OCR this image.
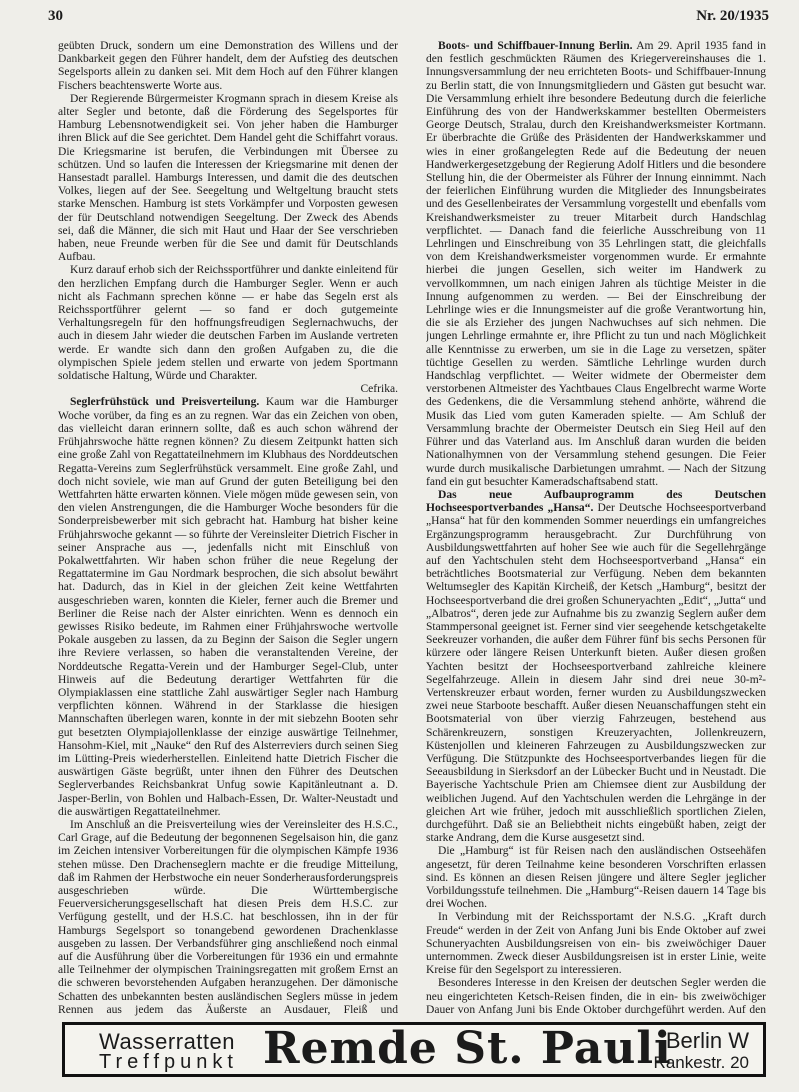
30	Nr. 20/1935

geübten Druck, sondern um eine Demonstration des Willens und der Dankbarkeit gegen den Führer handelt, dem der Aufstieg des deutschen Segelsports allein zu danken sei. Mit dem Hoch auf den Führer klangen Fischers beachtenswerte Worte aus.

Der Regierende Bürgermeister Krogmann sprach in diesem Kreise als alter Segler und betonte, daß die Förderung des Segelsportes für Hamburg Lebensnotwendigkeit sei. Von jeher haben die Hamburger ihren Blick auf die See gerichtet. Dem Handel geht die Schiffahrt voraus. Die Kriegsmarine ist berufen, die Verbindungen mit Übersee zu schützen. Und so laufen die Interessen der Kriegsmarine mit denen der Hansestadt parallel. Hamburgs Interessen, und damit die des deutschen Volkes, liegen auf der See. Seegeltung und Weltgeltung braucht stets starke Menschen. Hamburg ist stets Vorkämpfer und Vorposten gewesen der für Deutschland notwendigen Seegeltung. Der Zweck des Abends sei, daß die Männer, die sich mit Haut und Haar der See verschrieben haben, neue Freunde werben für die See und damit für Deutschlands Aufbau.

Kurz darauf erhob sich der Reichssportführer und dankte einleitend für den herzlichen Empfang durch die Hamburger Segler. Wenn er auch nicht als Fachmann sprechen könne — er habe das Segeln erst als Reichssportführer gelernt — so fand er doch gutgemeinte Verhaltungsregeln für den hoffnungsfreudigen Seglernachwuchs, der auch in diesem Jahr wieder die deutschen Farben im Auslande vertreten werde. Er wandte sich dann den großen Aufgaben zu, die die olympischen Spiele jedem stellen und erwarte von jedem Sportmann soldatische Haltung, Würde und Charakter.

Cefrika.

Seglerfrühstück und Preisverteilung. Kaum war die Hamburger Woche vorüber, da fing es an zu regnen. War das ein Zeichen von oben, das vielleicht daran erinnern sollte, daß es auch schon während der Frühjahrswoche hätte regnen können? Zu diesem Zeitpunkt hatten sich eine große Zahl von Regattateilnehmern im Klubhaus des Norddeutschen Regatta-Vereins zum Seglerfrühstück versammelt. Eine große Zahl, und doch nicht soviele, wie man auf Grund der guten Beteiligung bei den Wettfahrten hätte erwarten können. Viele mögen müde gewesen sein, von den vielen Anstrengungen, die die Hamburger Woche besonders für die Sonderpreisbewerber mit sich gebracht hat. Hamburg hat bisher keine Frühjahrswoche gekannt — so führte der Vereinsleiter Dietrich Fischer in seiner Ansprache aus —, jedenfalls nicht mit Einschluß von Pokalwettfahrten. Wir haben schon früher die neue Regelung der Regattatermine im Gau Nordmark besprochen, die sich absolut bewährt hat. Dadurch, das in Kiel in der gleichen Zeit keine Wettfahrten ausgeschrieben waren, konnten die Kieler, ferner auch die Bremer und Berliner die Reise nach der Alster einrichten. Wenn es dennoch ein gewisses Risiko bedeute, im Rahmen einer Frühjahrswoche wertvolle Pokale ausgeben zu lassen, da zu Beginn der Saison die Segler ungern ihre Reviere verlassen, so haben die veranstaltenden Vereine, der Norddeutsche Regatta-Verein und der Hamburger Segel-Club, unter Hinweis auf die Bedeutung derartiger Wettfahrten für die Olympiaklassen eine stattliche Zahl auswärtiger Segler nach Hamburg verpflichten können. Während in der Starklasse die hiesigen Mannschaften überlegen waren, konnte in der mit siebzehn Booten sehr gut besetzten Olympiajollenklasse der einzige auswärtige Teilnehmer, Hansohm-Kiel, mit „Nauke“ den Ruf des Alsterreviers durch seinen Sieg im Lütting-Preis wiederherstellen. Einleitend hatte Dietrich Fischer die auswärtigen Gäste begrüßt, unter ihnen den Führer des Deutschen Seglerverbandes Reichsbankrat Unfug sowie Kapitänleutnant a. D. Jasper-Berlin, von Bohlen und Halbach-Essen, Dr. Walter-Neustadt und die auswärtigen Regattateilnehmer.

Im Anschluß an die Preisverteilung wies der Vereinsleiter des H.S.C., Carl Grage, auf die Bedeutung der begonnenen Segelsaison hin, die ganz im Zeichen intensiver Vorbereitungen für die olympischen Kämpfe 1936 stehen müsse. Den Drachenseglern machte er die freudige Mitteilung, daß im Rahmen der Herbstwoche ein neuer Sonderherausforderungspreis ausgeschrieben würde. Die Württembergische Feuerversicherungsgesellschaft hat diesen Preis dem H.S.C. zur Verfügung gestellt, und der H.S.C. hat beschlossen, ihn in der für Hamburgs Segelsport so tonangebend gewordenen Drachenklasse ausgeben zu lassen. Der Verbandsführer ging anschließend noch einmal auf die Ausführung über die Vorbereitungen für 1936 ein und ermahnte alle Teilnehmer der olympischen Trainingsregatten mit großem Ernst an die schweren bevorstehenden Aufgaben heranzugehen. Der dämonische Schatten des unbekannten besten ausländischen Seglers müsse in jedem Rennen aus jedem das Äußerste an Ausdauer, Fleiß und

Boots- und Schiffbauer-Innung Berlin. Am 29. April 1935 fand in den festlich geschmückten Räumen des Kriegervereinshauses die 1. Innungsversammlung der neu errichteten Boots- und Schiffbauer-Innung zu Berlin statt, die von Innungsmitgliedern und Gästen gut besucht war. Die Versammlung erhielt ihre besondere Bedeutung durch die feierliche Einführung des von der Handwerkskammer bestellten Obermeisters George Deutsch, Stralau, durch den Kreishandwerksmeister Kortmann. Er überbrachte die Grüße des Präsidenten der Handwerkskammer und wies in einer großangelegten Rede auf die Bedeutung der neuen Handwerkergesetzgebung der Regierung Adolf Hitlers und die besondere Stellung hin, die der Obermeister als Führer der Innung einnimmt. Nach der feierlichen Einführung wurden die Mitglieder des Innungsbeirates und des Gesellenbeirates der Versammlung vorgestellt und ebenfalls vom Kreishandwerksmeister zu treuer Mitarbeit durch Handschlag verpflichtet. — Danach fand die feierliche Ausschreibung von 11 Lehrlingen und Einschreibung von 35 Lehrlingen statt, die gleichfalls von dem Kreishandwerksmeister vorgenommen wurde. Er ermahnte hierbei die jungen Gesellen, sich weiter im Handwerk zu vervollkommnen, um nach einigen Jahren als tüchtige Meister in die Innung aufgenommen zu werden. — Bei der Einschreibung der Lehrlinge wies er die Innungsmeister auf die große Verantwortung hin, die sie als Erzieher des jungen Nachwuchses auf sich nehmen. Die jungen Lehrlinge ermahnte er, ihre Pflicht zu tun und nach Möglichkeit alle Kenntnisse zu erwerben, um sie in die Lage zu versetzen, später tüchtige Gesellen zu werden. Sämtliche Lehrlinge wurden durch Handschlag verpflichtet. — Weiter widmete der Obermeister dem verstorbenen Altmeister des Yachtbaues Claus Engelbrecht warme Worte des Gedenkens, die die Versammlung stehend anhörte, während die Musik das Lied vom guten Kameraden spielte. — Am Schluß der Versammlung brachte der Obermeister Deutsch ein Sieg Heil auf den Führer und das Vaterland aus. Im Anschluß daran wurden die beiden Nationalhymnen von der Versammlung stehend gesungen. Die Feier wurde durch musikalische Darbietungen umrahmt. — Nach der Sitzung fand ein gut besuchter Kameradschaftsabend statt.

Das neue Aufbauprogramm des Deutschen Hochseesportverbandes „Hansa“. Der Deutsche Hochseesportverband „Hansa“ hat für den kommenden Sommer neuerdings ein umfangreiches Ergänzungsprogramm herausgebracht. Zur Durchführung von Ausbildungswettfahrten auf hoher See wie auch für die Segellehrgänge auf den Yachtschulen steht dem Hochseesportverband „Hansa“ ein beträchtliches Bootsmaterial zur Verfügung. Neben dem bekannten Weltumsegler des Kapitän Kircheiß, der Ketsch „Hamburg“, besitzt der Hochseesportverband die drei großen Schuneryachten „Edit“, „Jutta“ und „Albatros“, deren jede zur Aufnahme bis zu zwanzig Seglern außer dem Stammpersonal geeignet ist. Ferner sind vier seegehende ketschgetakelte Seekreuzer vorhanden, die außer dem Führer fünf bis sechs Personen für kürzere oder längere Reisen Unterkunft bieten. Außer diesen großen Yachten besitzt der Hochseesportverband zahlreiche kleinere Segelfahrzeuge. Allein in diesem Jahr sind drei neue 30-m²-Vertenskreuzer erbaut worden, ferner wurden zu Ausbildungszwecken zwei neue Starboote beschafft. Außer diesen Neuanschaffungen steht ein Bootsmaterial von über vierzig Fahrzeugen, bestehend aus Schärenkreuzern, sonstigen Kreuzeryachten, Jollenkreuzern, Küstenjollen und kleineren Fahrzeugen zu Ausbildungszwecken zur Verfügung. Die Stützpunkte des Hochseesportverbandes liegen für die Seeausbildung in Sierksdorf an der Lübecker Bucht und in Neustadt. Die Bayerische Yachtschule Prien am Chiemsee dient zur Ausbildung der weiblichen Jugend. Auf den Yachtschulen werden die Lehrgänge in der gleichen Art wie früher, jedoch mit ausschließlich sportlichen Zielen, durchgeführt. Daß sie an Beliebtheit nichts eingebüßt haben, zeigt der starke Andrang, dem die Kurse ausgesetzt sind.

Die „Hamburg“ ist für Reisen nach den ausländischen Ostseehäfen angesetzt, für deren Teilnahme keine besonderen Vorschriften erlassen sind. Es können an diesen Reisen jüngere und ältere Segler jeglicher Vorbildungsstufe teilnehmen. Die „Hamburg“-Reisen dauern 14 Tage bis drei Wochen.

In Verbindung mit der Reichssportamt der N.S.G. „Kraft durch Freude“ werden in der Zeit von Anfang Juni bis Ende Oktober auf zwei Schuneryachten Ausbildungsreisen von ein- bis zweiwöchiger Dauer unternommen. Zweck dieser Ausbildungsreisen ist in erster Linie, weite Kreise für den Segelsport zu interessieren.

Besonderes Interesse in den Kreisen der deutschen Segler werden die neu eingerichteten Ketsch-Reisen finden, die in ein- bis zweiwöchiger Dauer von Anfang Juni bis Ende Oktober durchgeführt werden. Auf den

Wasserratten
Treffpunkt Remde St. Pauli
Berlin W
Rankestr. 20
